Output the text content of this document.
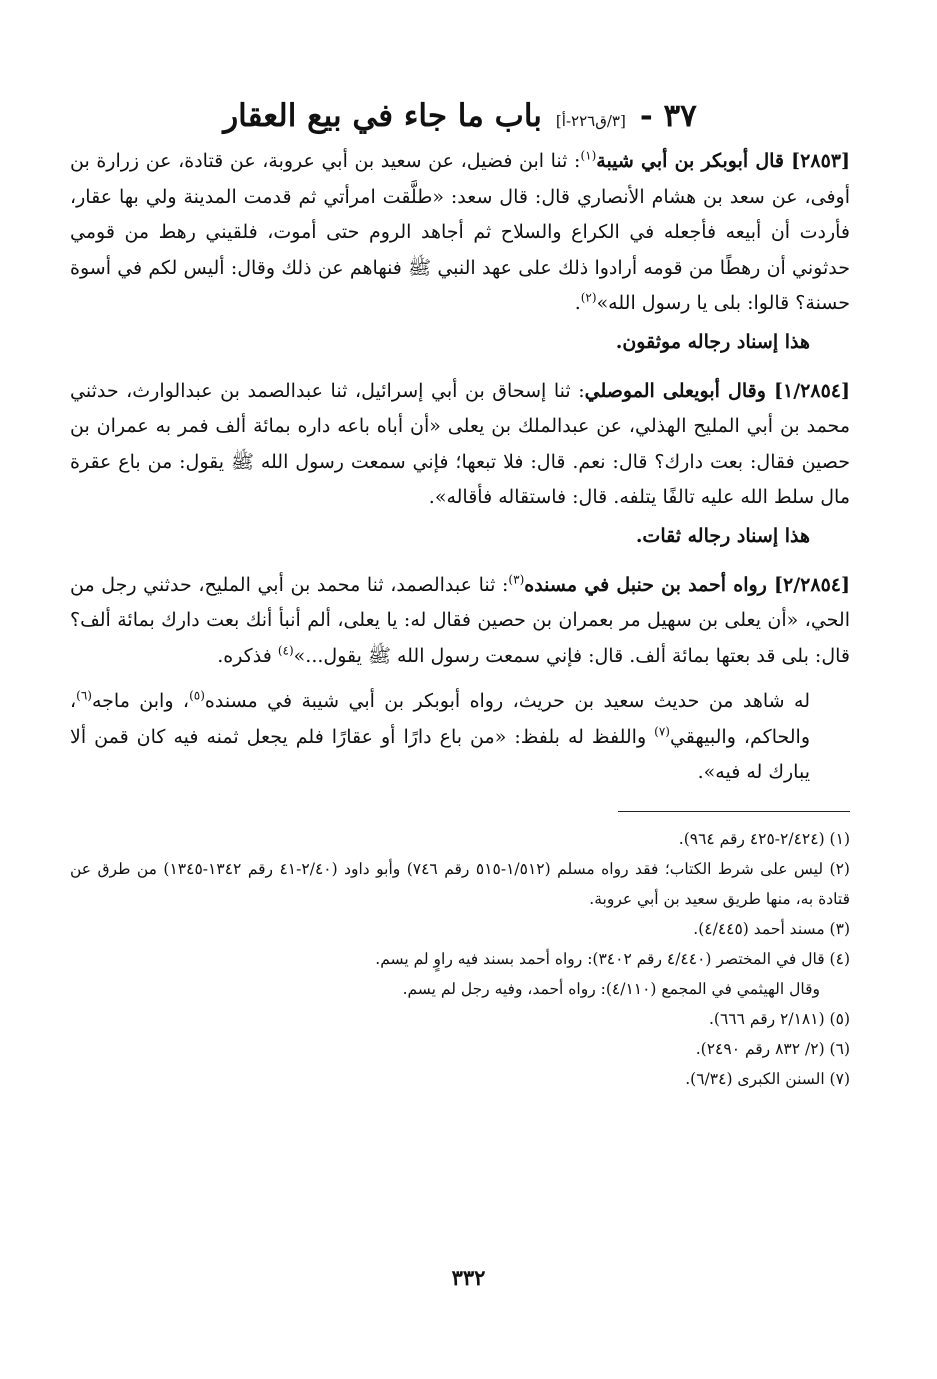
٣٧ -
[٣/ق٢٢٦-أ]
باب ما جاء في بيع العقار

[٢٨٥٣] قال أبوبكر بن أبي شيبة$^{(١)}$: ثنا ابن فضيل، عن سعيد بن أبي عروبة، عن قتادة، عن زرارة بن أوفى، عن سعد بن هشام الأنصاري قال: قال سعد: «طلَّقت امرأتي ثم قدمت المدينة ولي بها عقار، فأردت أن أبيعه فأجعله في الكراع والسلاح ثم أجاهد الروم حتى أموت، فلقيني رهط من قومي حدثوني أن رهطًا من قومه أرادوا ذلك على عهد النبي ﷺ فنهاهم عن ذلك وقال: أليس لكم في أسوة حسنة؟ قالوا: بلى يا رسول الله»$^{(٢)}$.

هذا إسناد رجاله موثقون.

[١/٢٨٥٤] وقال أبويعلى الموصلي: ثنا إسحاق بن أبي إسرائيل، ثنا عبدالصمد بن عبدالوارث، حدثني محمد بن أبي المليح الهذلي، عن عبدالملك بن يعلى «أن أباه باعه داره بمائة ألف فمر به عمران بن حصين فقال: بعت دارك؟ قال: نعم. قال: فلا تبعها؛ فإني سمعت رسول الله ﷺ يقول: من باع عقرة مال سلط الله عليه تالفًا يتلفه. قال: فاستقاله فأقاله».

هذا إسناد رجاله ثقات.

[٢/٢٨٥٤] رواه أحمد بن حنبل في مسنده$^{(٣)}$: ثنا عبدالصمد، ثنا محمد بن أبي المليح، حدثني رجل من الحي، «أن يعلى بن سهيل مر بعمران بن حصين فقال له: يا يعلى، ألم أنبأ أنك بعت دارك بمائة ألف؟ قال: بلى قد بعتها بمائة ألف. قال: فإني سمعت رسول الله ﷺ يقول...»$^{(٤)}$ فذكره.

له شاهد من حديث سعيد بن حريث، رواه أبوبكر بن أبي شيبة في مسنده$^{(٥)}$، وابن ماجه$^{(٦)}$، والحاكم، والبيهقي$^{(٧)}$ واللفظ له بلفظ: «من باع دارًا أو عقارًا فلم يجعل ثمنه فيه كان قمن ألا يبارك له فيه».

(١) (٢/٤٢٤-٤٢٥ رقم ٩٦٤).

(٢) ليس على شرط الكتاب؛ فقد رواه مسلم (١/٥١٢-٥١٥ رقم ٧٤٦) وأبو داود (٢/٤٠-٤١ رقم ١٣٤٢-١٣٤٥) من طرق عن قتادة به، منها طريق سعيد بن أبي عروبة.

(٣) مسند أحمد (٤/٤٤٥).

(٤) قال في المختصر (٤/٤٤٠ رقم ٣٤٠٢): رواه أحمد بسند فيه راوٍ لم يسم.

وقال الهيثمي في المجمع (٤/١١٠): رواه أحمد، وفيه رجل لم يسم.

(٥) (٢/١٨١ رقم ٦٦٦).

(٦) (٢/ ٨٣٢ رقم ٢٤٩٠).

(٧) السنن الكبرى (٦/٣٤).

٣٣٢
